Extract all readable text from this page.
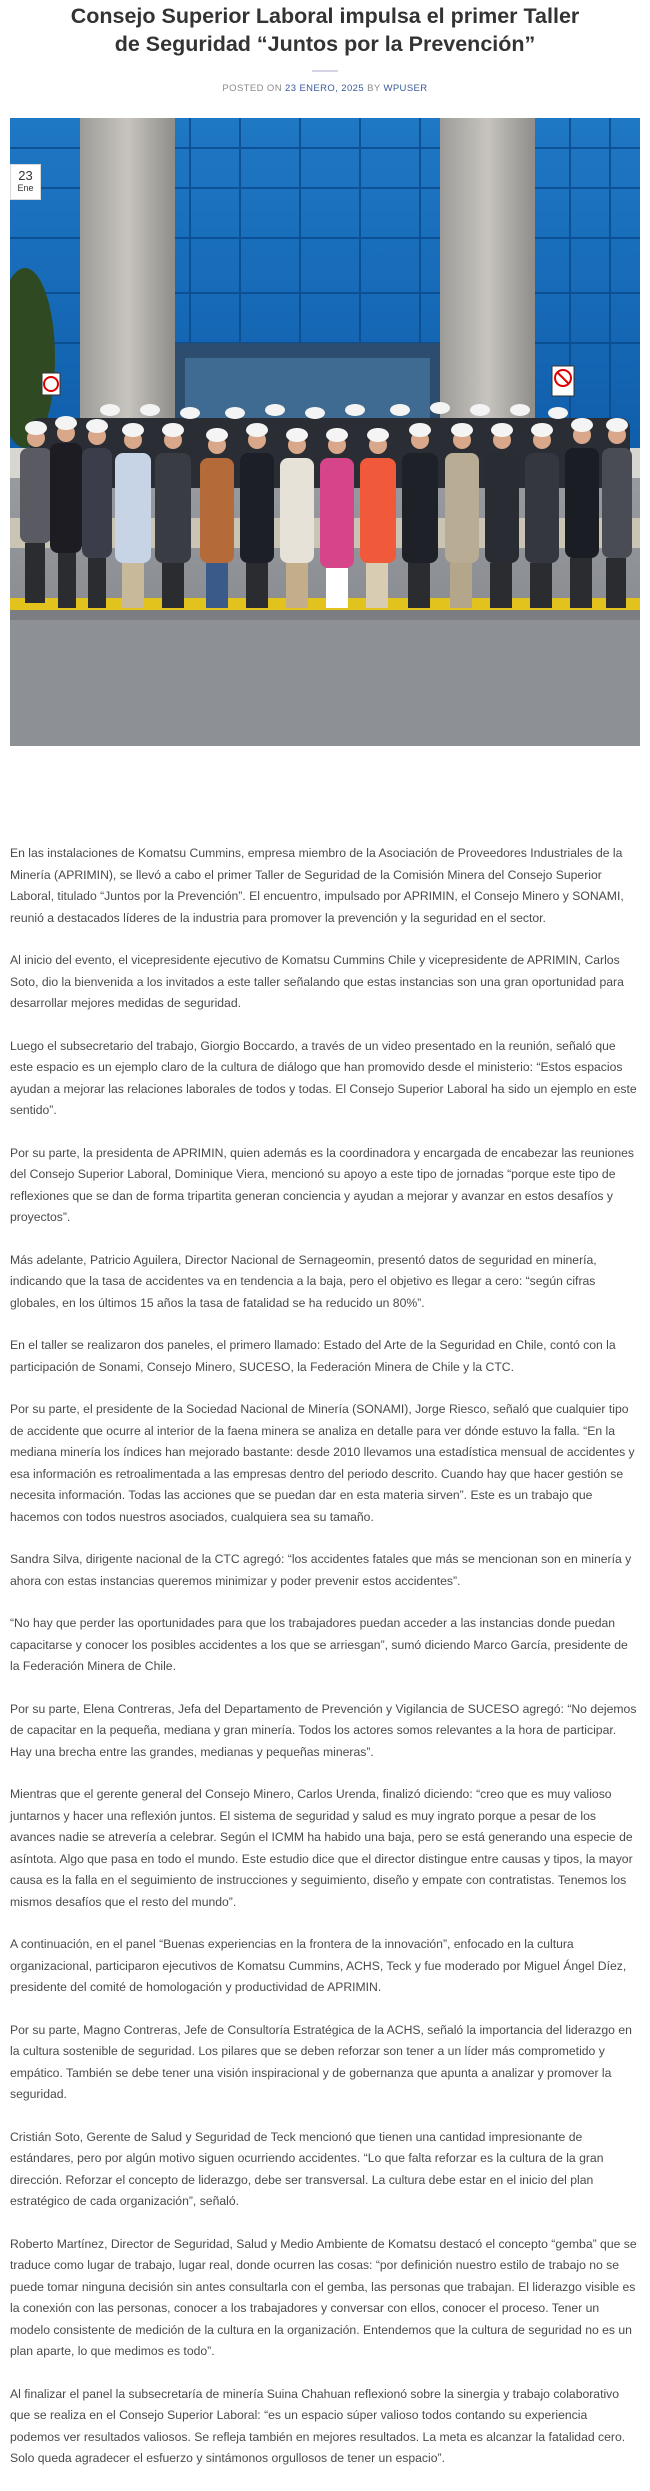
Consejo Superior Laboral impulsa el primer Taller de Seguridad “Juntos por la Prevención”
POSTED ON 23 ENERO, 2025 BY WPUSER
23
Ene

En las instalaciones de Komatsu Cummins, empresa miembro de la Asociación de Proveedores Industriales de la Minería (APRIMIN), se llevó a cabo el primer Taller de Seguridad de la Comisión Minera del Consejo Superior Laboral, titulado “Juntos por la Prevención”. El encuentro, impulsado por APRIMIN, el Consejo Minero y SONAMI, reunió a destacados líderes de la industria para promover la prevención y la seguridad en el sector.

Al inicio del evento, el vicepresidente ejecutivo de Komatsu Cummins Chile y vicepresidente de APRIMIN, Carlos Soto, dio la bienvenida a los invitados a este taller señalando que estas instancias son una gran oportunidad para desarrollar mejores medidas de seguridad.

Luego el subsecretario del trabajo, Giorgio Boccardo, a través de un video presentado en la reunión, señaló que este espacio es un ejemplo claro de la cultura de diálogo que han promovido desde el ministerio: “Estos espacios ayudan a mejorar las relaciones laborales de todos y todas. El Consejo Superior Laboral ha sido un ejemplo en este sentido”.

Por su parte, la presidenta de APRIMIN, quien además es la coordinadora y encargada de encabezar las reuniones del Consejo Superior Laboral, Dominique Viera, mencionó su apoyo a este tipo de jornadas “porque este tipo de reflexiones que se dan de forma tripartita generan conciencia y ayudan a mejorar y avanzar en estos desafíos y proyectos”.

Más adelante, Patricio Aguilera, Director Nacional de Sernageomin, presentó datos de seguridad en minería, indicando que la tasa de accidentes va en tendencia a la baja, pero el objetivo es llegar a cero: “según cifras globales, en los últimos 15 años la tasa de fatalidad se ha reducido un 80%”.

En el taller se realizaron dos paneles, el primero llamado: Estado del Arte de la Seguridad en Chile, contó con la participación de Sonami, Consejo Minero, SUCESO, la Federación Minera de Chile y la CTC.

Por su parte, el presidente de la Sociedad Nacional de Minería (SONAMI), Jorge Riesco, señaló que cualquier tipo de accidente que ocurre al interior de la faena minera se analiza en detalle para ver dónde estuvo la falla. “En la mediana minería los índices han mejorado bastante: desde 2010 llevamos una estadística mensual de accidentes y esa información es retroalimentada a las empresas dentro del periodo descrito. Cuando hay que hacer gestión se necesita información. Todas las acciones que se puedan dar en esta materia sirven”. Este es un trabajo que hacemos con todos nuestros asociados, cualquiera sea su tamaño.

Sandra Silva, dirigente nacional de la CTC agregó: “los accidentes fatales que más se mencionan son en minería y ahora con estas instancias queremos minimizar y poder prevenir estos accidentes”.

“No hay que perder las oportunidades para que los trabajadores puedan acceder a las instancias donde puedan capacitarse y conocer los posibles accidentes a los que se arriesgan”, sumó diciendo Marco García, presidente de la Federación Minera de Chile.

Por su parte, Elena Contreras, Jefa del Departamento de Prevención y Vigilancia de SUCESO agregó: “No dejemos de capacitar en la pequeña, mediana y gran minería. Todos los actores somos relevantes a la hora de participar. Hay una brecha entre las grandes, medianas y pequeñas mineras”.

Mientras que el gerente general del Consejo Minero, Carlos Urenda, finalizó diciendo: “creo que es muy valioso juntarnos y hacer una reflexión juntos. El sistema de seguridad y salud es muy ingrato porque a pesar de los avances nadie se atrevería a celebrar. Según el ICMM ha habido una baja, pero se está generando una especie de asíntota. Algo que pasa en todo el mundo. Este estudio dice que el director distingue entre causas y tipos, la mayor causa es la falla en el seguimiento de instrucciones y seguimiento, diseño y empate con contratistas. Tenemos los mismos desafíos que el resto del mundo”.

A continuación, en el panel “Buenas experiencias en la frontera de la innovación”, enfocado en la cultura organizacional, participaron ejecutivos de Komatsu Cummins, ACHS, Teck y fue moderado por Miguel Ángel Díez, presidente del comité de homologación y productividad de APRIMIN.

Por su parte, Magno Contreras, Jefe de Consultoría Estratégica de la ACHS, señaló la importancia del liderazgo en la cultura sostenible de seguridad. Los pilares que se deben reforzar son tener a un líder más comprometido y empático. También se debe tener una visión inspiracional y de gobernanza que apunta a analizar y promover la seguridad.

Cristián Soto, Gerente de Salud y Seguridad de Teck mencionó que tienen una cantidad impresionante de estándares, pero por algún motivo siguen ocurriendo accidentes. “Lo que falta reforzar es la cultura de la gran dirección. Reforzar el concepto de liderazgo, debe ser transversal. La cultura debe estar en el inicio del plan estratégico de cada organización”, señaló.

Roberto Martínez, Director de Seguridad, Salud y Medio Ambiente de Komatsu destacó el concepto “gemba” que se traduce como lugar de trabajo, lugar real, donde ocurren las cosas: “por definición nuestro estilo de trabajo no se puede tomar ninguna decisión sin antes consultarla con el gemba, las personas que trabajan. El liderazgo visible es la conexión con las personas, conocer a los trabajadores y conversar con ellos, conocer el proceso. Tener un modelo consistente de medición de la cultura en la organización. Entendemos que la cultura de seguridad no es un plan aparte, lo que medimos es todo”.

Al finalizar el panel la subsecretaría de minería Suina Chahuan reflexionó sobre la sinergia y trabajo colaborativo que se realiza en el Consejo Superior Laboral: “es un espacio súper valioso todos contando su experiencia podemos ver resultados valiosos. Se refleja también en mejores resultados. La meta es alcanzar la fatalidad cero. Solo queda agradecer el esfuerzo y sintámonos orgullosos de tener un espacio”.
